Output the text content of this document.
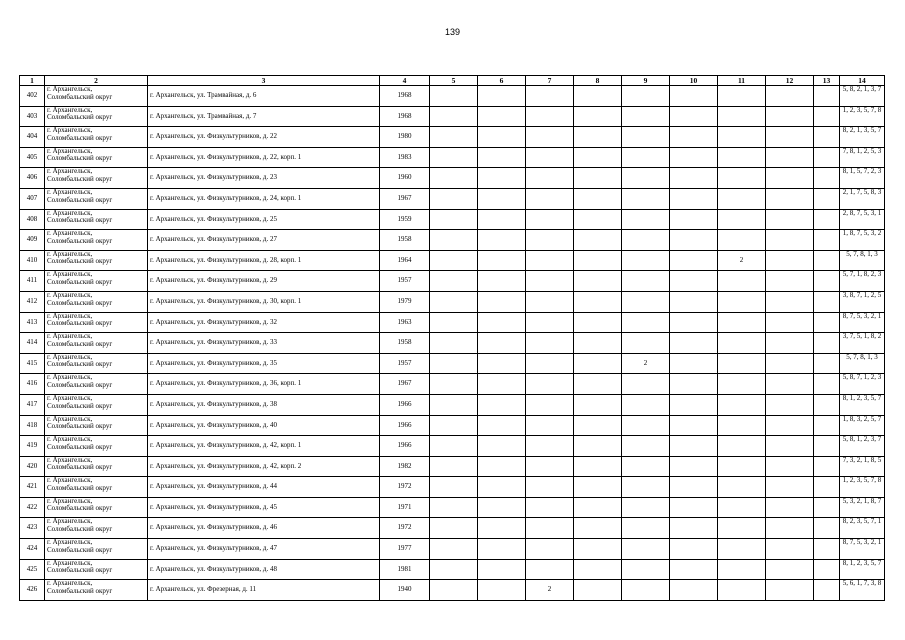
139
1	2	3	4	5	6	7	8	9	10	11	12	13	14
402	г. Архангельск,
Соломбальский округ	г. Архангельск, ул. Трамвайная, д. 6	1968										5, 8, 2, 1, 3, 7
403	г. Архангельск,
Соломбальский округ	г. Архангельск, ул. Трамвайная, д. 7	1968										1, 2, 3, 5, 7, 8
404	г. Архангельск,
Соломбальский округ	г. Архангельск, ул. Физкультурников, д. 22	1980										8, 2, 1, 3, 5, 7
405	г. Архангельск,
Соломбальский округ	г. Архангельск, ул. Физкультурников, д. 22, корп. 1	1983										7, 8, 1, 2, 5, 3
406	г. Архангельск,
Соломбальский округ	г. Архангельск, ул. Физкультурников, д. 23	1960										8, 1, 5, 7, 2, 3
407	г. Архангельск,
Соломбальский округ	г. Архангельск, ул. Физкультурников, д. 24, корп. 1	1967										2, 1, 7, 5, 8, 3
408	г. Архангельск,
Соломбальский округ	г. Архангельск, ул. Физкультурников, д. 25	1959										2, 8, 7, 5, 3, 1
409	г. Архангельск,
Соломбальский округ	г. Архангельск, ул. Физкультурников, д. 27	1958										1, 8, 7, 5, 3, 2
410	г. Архангельск,
Соломбальский округ	г. Архангельск, ул. Физкультурников, д. 28, корп. 1	1964							2			5, 7, 8, 1, 3
411	г. Архангельск,
Соломбальский округ	г. Архангельск, ул. Физкультурников, д. 29	1957										5, 7, 1, 8, 2, 3
412	г. Архангельск,
Соломбальский округ	г. Архангельск, ул. Физкультурников, д. 30, корп. 1	1979										3, 8, 7, 1, 2, 5
413	г. Архангельск,
Соломбальский округ	г. Архангельск, ул. Физкультурников, д. 32	1963										8, 7, 5, 3, 2, 1
414	г. Архангельск,
Соломбальский округ	г. Архангельск, ул. Физкультурников, д. 33	1958										3, 7, 5, 1, 8, 2
415	г. Архангельск,
Соломбальский округ	г. Архангельск, ул. Физкультурников, д. 35	1957					2					5, 7, 8, 1, 3
416	г. Архангельск,
Соломбальский округ	г. Архангельск, ул. Физкультурников, д. 36, корп. 1	1967										5, 8, 7, 1, 2, 3
417	г. Архангельск,
Соломбальский округ	г. Архангельск, ул. Физкультурников, д. 38	1966										8, 1, 2, 3, 5, 7
418	г. Архангельск,
Соломбальский округ	г. Архангельск, ул. Физкультурников, д. 40	1966										1, 8, 3, 2, 5, 7
419	г. Архангельск,
Соломбальский округ	г. Архангельск, ул. Физкультурников, д. 42, корп. 1	1966										5, 8, 1, 2, 3, 7
420	г. Архангельск,
Соломбальский округ	г. Архангельск, ул. Физкультурников, д. 42, корп. 2	1982										7, 3, 2, 1, 8, 5
421	г. Архангельск,
Соломбальский округ	г. Архангельск, ул. Физкультурников, д. 44	1972										1, 2, 3, 5, 7, 8
422	г. Архангельск,
Соломбальский округ	г. Архангельск, ул. Физкультурников, д. 45	1971										5, 3, 2, 1, 8, 7
423	г. Архангельск,
Соломбальский округ	г. Архангельск, ул. Физкультурников, д. 46	1972										8, 2, 3, 5, 7, 1
424	г. Архангельск,
Соломбальский округ	г. Архангельск, ул. Физкультурников, д. 47	1977										8, 7, 5, 3, 2, 1
425	г. Архангельск,
Соломбальский округ	г. Архангельск, ул. Физкультурников, д. 48	1981										8, 1, 2, 3, 5, 7
426	г. Архангельск,
Соломбальский округ	г. Архангельск, ул. Фрезерная, д. 11	1940			2							5, 6, 1, 7, 3, 8
